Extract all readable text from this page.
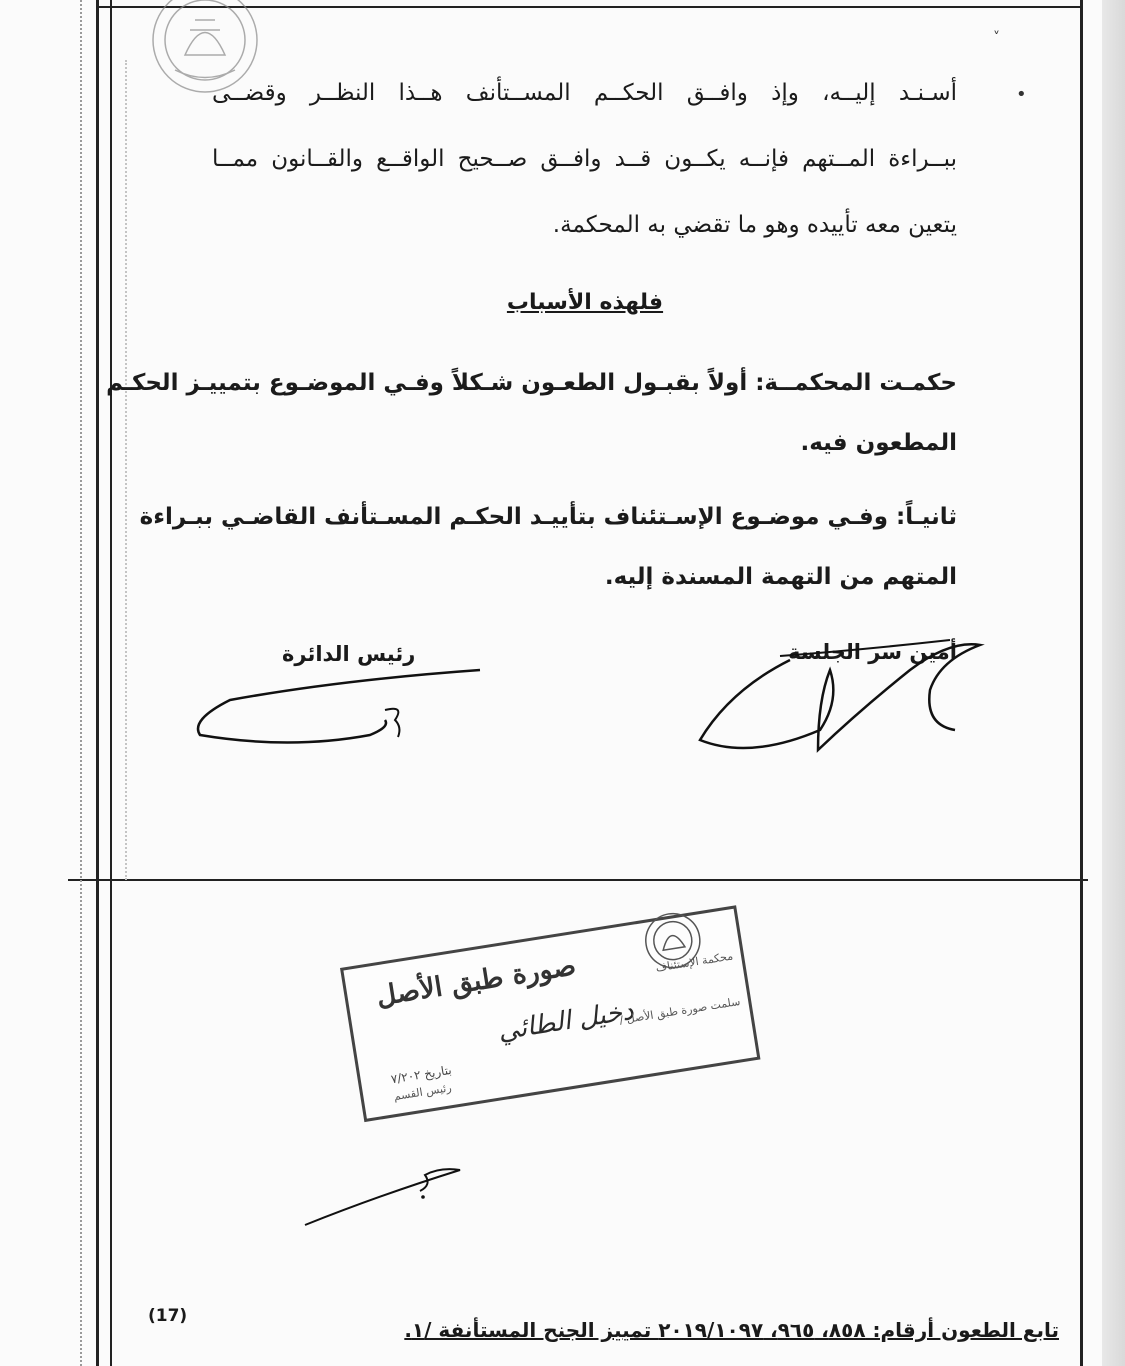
˅
•
أسـنـد إليــه، وإذ وافــق الحكــم المســتأنف هــذا النظــر وقضــى
ببــراءة المــتهم فإنــه يكــون قــد وافــق صــحيح الواقــع والقــانون ممــا
يتعين معه تأييده وهو ما تقضي به المحكمة.
فلهذه الأسباب
حكمـت المحكمــة: أولاً بقبـول الطعـون شـكلاً وفـي الموضـوع بتمييـز الحكـم
المطعون فيه.
ثانيـاً: وفـي موضـوع الإسـتئناف بتأييـد الحكـم المسـتأنف القاضـي ببـراءة
المتهم من التهمة المسندة إليه.
أمين سر الجلسة
رئيس الدائرة
صورة طبق الأصل	محكمة الإستئناف
دخيل الطائي
سلمت صورة طبق الأصل /
بتاريخ ٧/٢٠٢
رئيس القسم
(17)
تابع الطعون أرقام: ٨٥٨، ٩٦٥، ٢٠١٩/١٠٩٧ تمييز الجنح المستأنفة /١.
